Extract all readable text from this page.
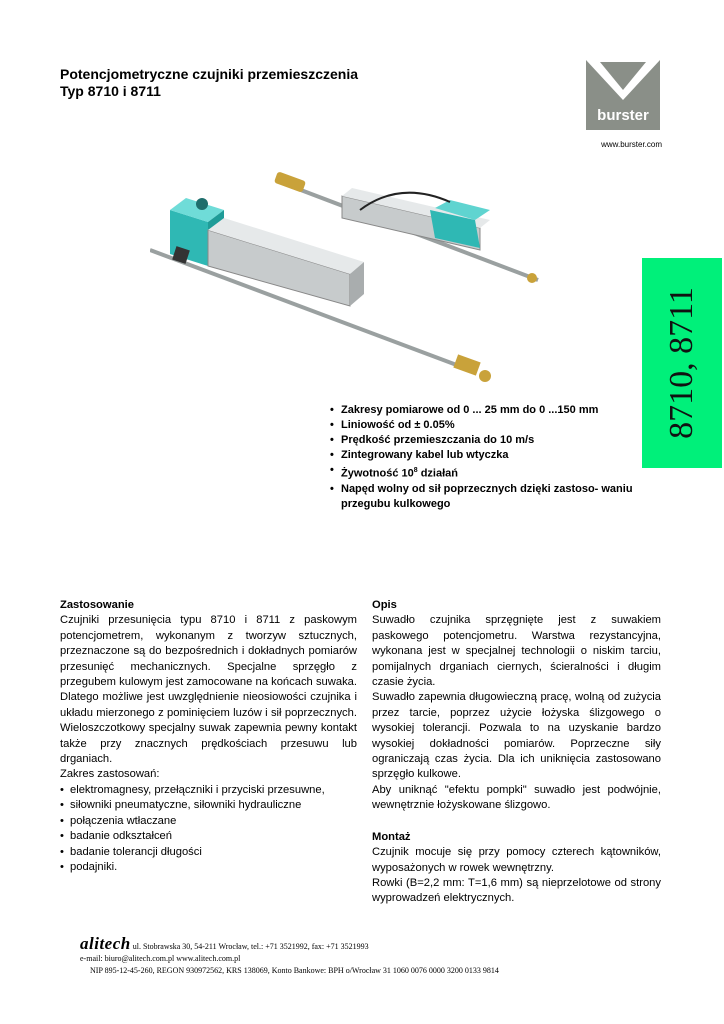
Potencjometryczne czujniki przemieszczenia
Typ 8710 i 8711
burster
www.burster.com
8710, 8711
• Zakresy pomiarowe od 0 ... 25 mm do 0 ...150 mm
• Liniowość od ± 0.05%
• Prędkość przemieszczania do 10 m/s
• Zintegrowany kabel lub wtyczka
• Żywotność $10^8$ działań
• Napęd wolny od sił poprzecznych dzięki zastoso- waniu przegubu kulkowego
Zastosowanie

Czujniki przesunięcia typu 8710 i 8711 z paskowym potencjometrem, wykonanym z tworzyw sztucznych, przeznaczone są do bezpośrednich i dokładnych pomiarów przesunięć mechanicznych. Specjalne sprzęgło z przegubem kulowym jest zamocowane na końcach suwaka. Dlatego możliwe jest uwzględnienie nieosiowości czujnika i układu mierzonego z pominięciem luzów i sił poprzecznych. Wieloszczotkowy specjalny suwak zapewnia pewny kontakt także przy znacznych prędkościach przesuwu lub drganiach.

Zakres zastosowań:

• elektromagnesy, przełączniki i przyciski przesuwne,
• siłowniki pneumatyczne, siłowniki hydrauliczne
• połączenia wtłaczane
• badanie odkształceń
• badanie tolerancji długości
• podajniki.
Opis

Suwadło czujnika sprzęgnięte jest z suwakiem paskowego potencjometru. Warstwa rezystancyjna, wykonana jest w specjalnej technologii o niskim tarciu, pomijalnych drganiach ciernych, ścieralności i długim czasie życia.

Suwadło zapewnia długowieczną pracę, wolną od zużycia przez tarcie, poprzez użycie łożyska ślizgowego o wysokiej tolerancji. Pozwala to na uzyskanie bardzo wysokiej dokładności pomiarów. Poprzeczne siły ograniczają czas życia. Dla ich uniknięcia zastosowano sprzęgło kulkowe.

Aby uniknąć "efektu pompki" suwadło jest podwójnie, wewnętrznie łożyskowane ślizgowo.

Montaż

Czujnik mocuje się przy pomocy czterech kątowników, wyposażonych w rowek wewnętrzny.

Rowki (B=2,2 mm: T=1,6 mm) są nieprzelotowe od strony wyprowadzeń elektrycznych.

alitech ul. Stobrawska 30, 54-211 Wrocław, tel.: +71 3521992, fax: +71 3521993
e-mail: biuro@alitech.com.pl www.alitech.com.pl
NIP 895-12-45-260, REGON 930972562, KRS 138069, Konto Bankowe: BPH o/Wrocław 31 1060 0076 0000 3200 0133 9814
